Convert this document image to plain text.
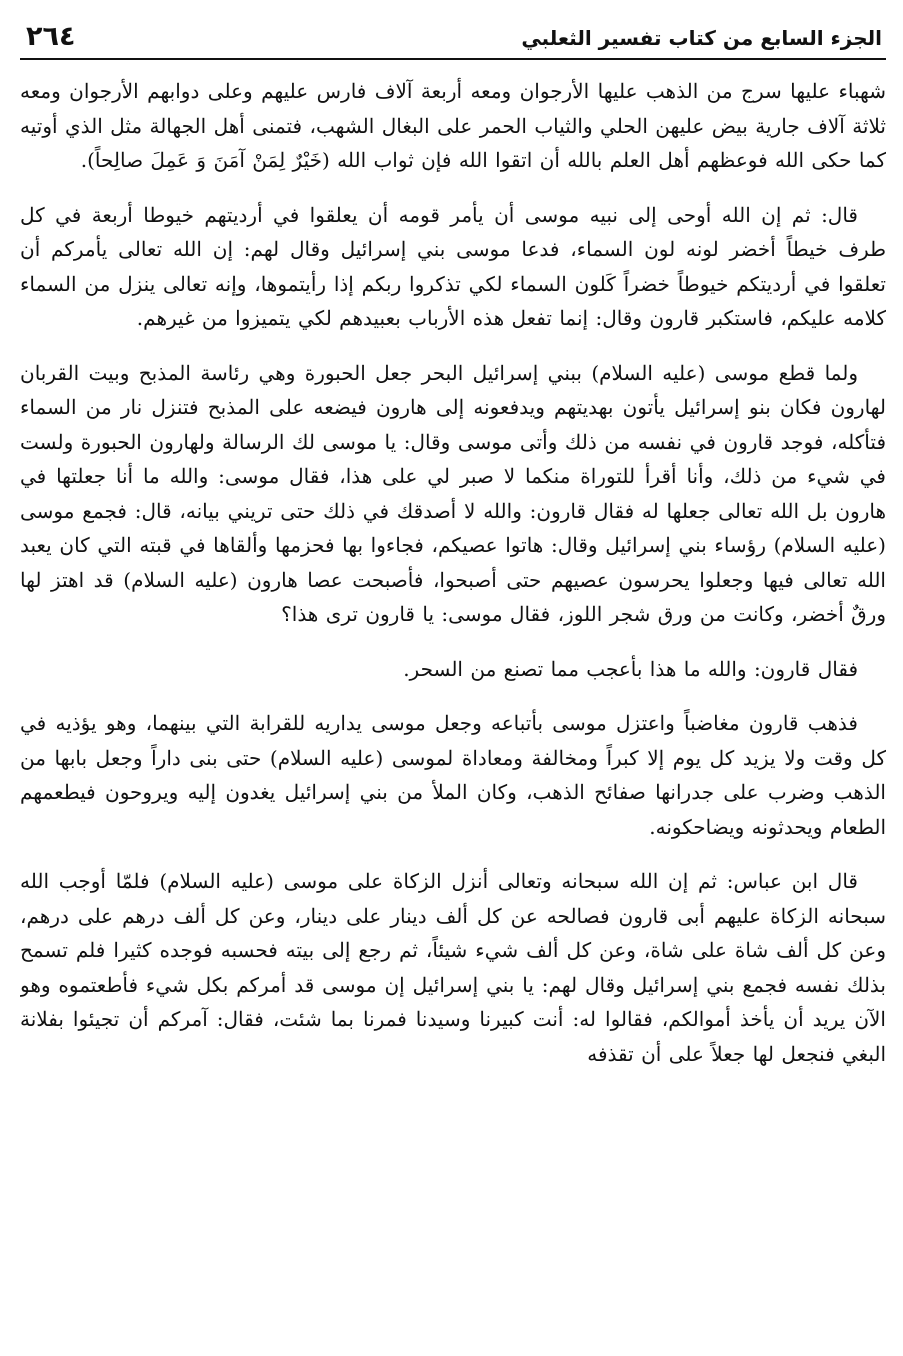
الجزء السابع من كتاب تفسير الثعلبي
٢٦٤

شهباء عليها سرج من الذهب عليها الأرجوان ومعه أربعة آلاف فارس عليهم وعلى دوابهم الأرجوان ومعه ثلاثة آلاف جارية بيض عليهن الحلي والثياب الحمر على البغال الشهب، فتمنى أهل الجهالة مثل الذي أوتيه كما حكى الله فوعظهم أهل العلم بالله أن اتقوا الله فإن ثواب الله (خَيْرٌ لِمَنْ آمَنَ وَ عَمِلَ صالِحاً).

قال: ثم إن الله أوحى إلى نبيه موسى أن يأمر قومه أن يعلقوا في أرديتهم خيوطا أربعة في كل طرف خيطاً أخضر لونه لون السماء، فدعا موسى بني إسرائيل وقال لهم: إن الله تعالى يأمركم أن تعلقوا في أرديتكم خيوطاً خضراً كَلون السماء لكي تذكروا ربكم إذا رأيتموها، وإنه تعالى ينزل من السماء كلامه عليكم، فاستكبر قارون وقال: إنما تفعل هذه الأرباب بعبيدهم لكي يتميزوا من غيرهم.

ولما قطع موسى (عليه السلام) ببني إسرائيل البحر جعل الحبورة وهي رئاسة المذبح وبيت القربان لهارون فكان بنو إسرائيل يأتون بهديتهم ويدفعونه إلى هارون فيضعه على المذبح فتنزل نار من السماء فتأكله، فوجد قارون في نفسه من ذلك وأتى موسى وقال: يا موسى لك الرسالة ولهارون الحبورة ولست في شيء من ذلك، وأنا أقرأ للتوراة منكما لا صبر لي على هذا، فقال موسى: والله ما أنا جعلتها في هارون بل الله تعالى جعلها له فقال قارون: والله لا أصدقك في ذلك حتى تريني بيانه، قال: فجمع موسى (عليه السلام) رؤساء بني إسرائيل وقال: هاتوا عصيكم، فجاءوا بها فحزمها وألقاها في قبته التي كان يعبد الله تعالى فيها وجعلوا يحرسون عصيهم حتى أصبحوا، فأصبحت عصا هارون (عليه السلام) قد اهتز لها ورقٌ أخضر، وكانت من ورق شجر اللوز، فقال موسى: يا قارون ترى هذا؟

فقال قارون: والله ما هذا بأعجب مما تصنع من السحر.

فذهب قارون مغاضباً واعتزل موسى بأتباعه وجعل موسى يداريه للقرابة التي بينهما، وهو يؤذيه في كل وقت ولا يزيد كل يوم إلا كبراً ومخالفة ومعاداة لموسى (عليه السلام) حتى بنى داراً وجعل بابها من الذهب وضرب على جدرانها صفائح الذهب، وكان الملأ من بني إسرائيل يغدون إليه ويروحون فيطعمهم الطعام ويحدثونه ويضاحكونه.

قال ابن عباس: ثم إن الله سبحانه وتعالى أنزل الزكاة على موسى (عليه السلام) فلمّا أوجب الله سبحانه الزكاة عليهم أبى قارون فصالحه عن كل ألف دينار على دينار، وعن كل ألف درهم على درهم، وعن كل ألف شاة على شاة، وعن كل ألف شيء شيئاً، ثم رجع إلى بيته فحسبه فوجده كثيرا فلم تسمح بذلك نفسه فجمع بني إسرائيل وقال لهم: يا بني إسرائيل إن موسى قد أمركم بكل شيء فأطعتموه وهو الآن يريد أن يأخذ أموالكم، فقالوا له: أنت كبيرنا وسيدنا فمرنا بما شئت، فقال: آمركم أن تجيئوا بفلانة البغي فنجعل لها جعلاً على أن تقذفه
